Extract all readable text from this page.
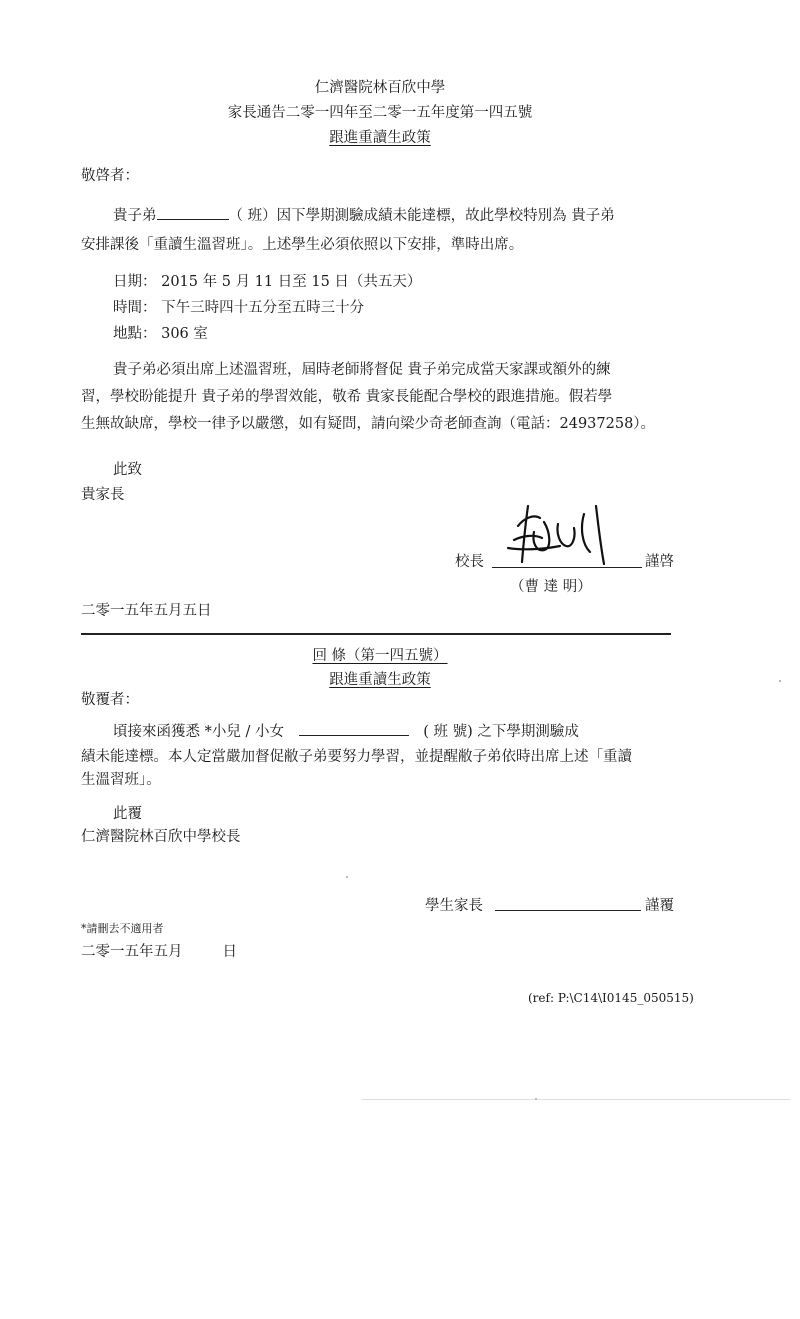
仁濟醫院林百欣中學
家長通告二零一四年至二零一五年度第一四五號
跟進重讀生政策
敬啓者：
貴子弟	（ 班）因下學期測驗成績未能達標，故此學校特別為 貴子弟
安排課後「重讀生溫習班」。上述學生必須依照以下安排，準時出席。
日期： 2015 年 5 月 11 日至 15 日（共五天）
時間： 下午三時四十五分至五時三十分
地點： 306 室
貴子弟必須出席上述溫習班，屆時老師將督促 貴子弟完成當天家課或額外的練
習，學校盼能提升 貴子弟的學習效能，敬希 貴家長能配合學校的跟進措施。假若學
生無故缺席，學校一律予以嚴懲，如有疑問，請向梁少奇老師查詢（電話：24937258）。
此致
貴家長
校長	謹啓
（曹 達 明）
二零一五年五月五日
回 條（第一四五號）
跟進重讀生政策
敬覆者：
頃接來函獲悉 *小兒 / 小女	( 班 號) 之下學期測驗成
績未能達標。本人定當嚴加督促敝子弟要努力學習，並提醒敝子弟依時出席上述「重讀
生溫習班」。
此覆
仁濟醫院林百欣中學校長
學生家長	謹覆
*請刪去不適用者
二零一五年五月	日
(ref: P:\C14\I0145_050515)
